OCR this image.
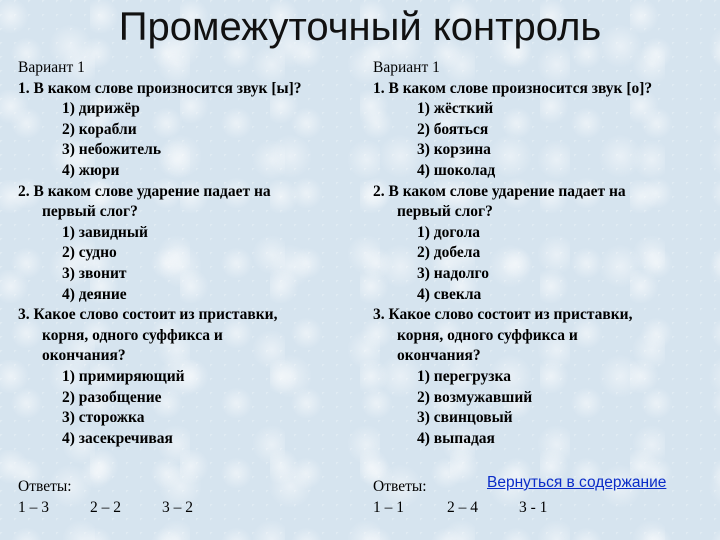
Промежуточный контроль
Вариант 1
1. В каком слове произносится звук [ы]?
1) дирижёр
2) корабли
3) небожитель
4) жюри
2. В каком слове ударение падает на
первый слог?
1) завидный
2) судно
3) звонит
4) деяние
3. Какое слово состоит из приставки,
корня, одного суффикса и
окончания?
1) примиряющий
2) разобщение
3) сторожка
4) засекречивая
Вариант 1
1. В каком слове произносится звук [о]?
1) жёсткий
2) бояться
3) корзина
4) шоколад
2. В каком слове ударение падает на
первый слог?
1) догола
2) добела
3) надолго
4) свекла
3. Какое слово состоит из приставки,
корня, одного суффикса и
окончания?
1) перегрузка
2) возмужавший
3) свинцовый
4) выпадая
Ответы:
1 – 3	2 – 2	3 – 2
Ответы:
1 – 1	2 – 4	3 - 1
Вернуться в содержание
